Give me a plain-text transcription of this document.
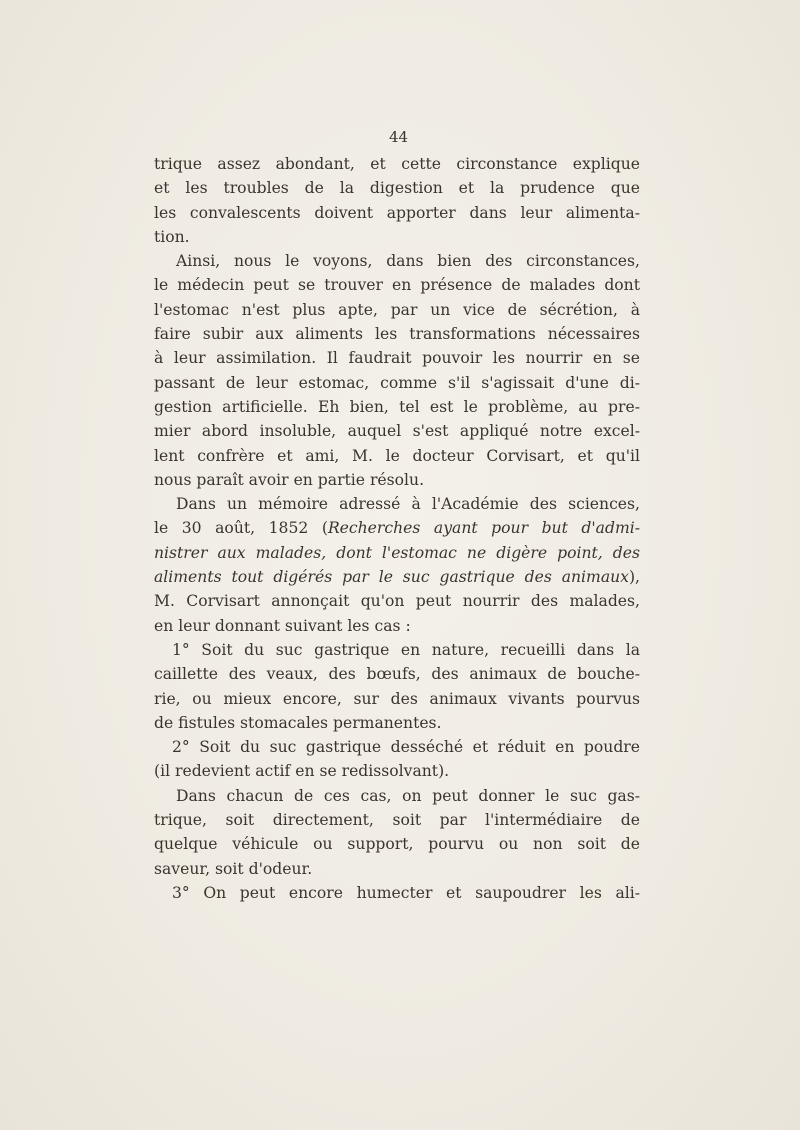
44
trique assez abondant, et cette circonstance explique
et les troubles de la digestion et la prudence que
les convalescents doivent apporter dans leur alimenta-
tion.
Ainsi, nous le voyons, dans bien des circonstances,
le médecin peut se trouver en présence de malades dont
l'estomac n'est plus apte, par un vice de sécrétion, à
faire subir aux aliments les transformations nécessaires
à leur assimilation. Il faudrait pouvoir les nourrir en se
passant de leur estomac, comme s'il s'agissait d'une di-
gestion artificielle. Eh bien, tel est le problème, au pre-
mier abord insoluble, auquel s'est appliqué notre excel-
lent confrère et ami, M. le docteur Corvisart, et qu'il
nous paraît avoir en partie résolu.
Dans un mémoire adressé à l'Académie des sciences,
le 30 août, 1852 (Recherches ayant pour but d'admi-
nistrer aux malades, dont l'estomac ne digère point, des
aliments tout digérés par le suc gastrique des animaux),
M. Corvisart annonçait qu'on peut nourrir des malades,
en leur donnant suivant les cas :
1° Soit du suc gastrique en nature, recueilli dans la
caillette des veaux, des bœufs, des animaux de bouche-
rie, ou mieux encore, sur des animaux vivants pourvus
de fistules stomacales permanentes.
2° Soit du suc gastrique desséché et réduit en poudre
(il redevient actif en se redissolvant).
Dans chacun de ces cas, on peut donner le suc gas-
trique, soit directement, soit par l'intermédiaire de
quelque véhicule ou support, pourvu ou non soit de
saveur, soit d'odeur.
3° On peut encore humecter et saupoudrer les ali-
